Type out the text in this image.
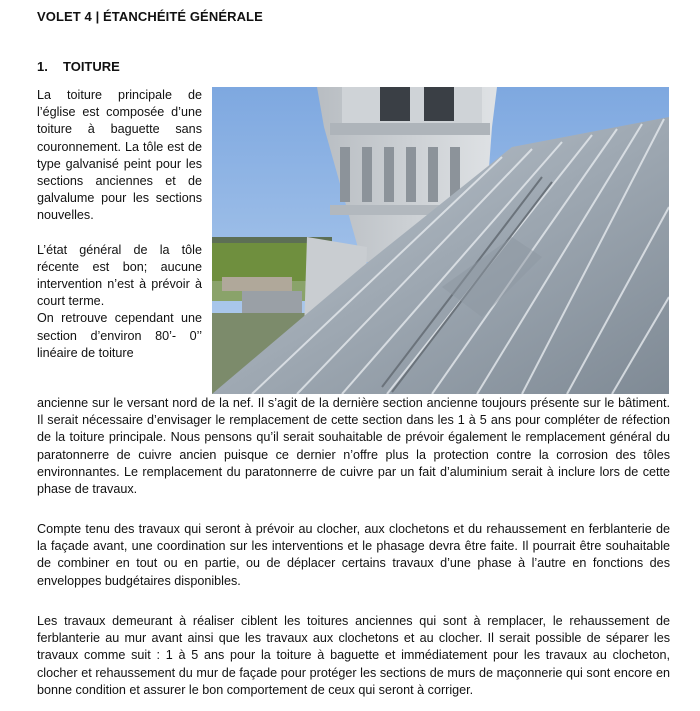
VOLET 4 | ÉTANCHÉITÉ GÉNÉRALE
1. TOITURE

La toiture principale de l’église est composée d’une toiture à baguette sans couronnement. La tôle est de type galvanisé peint pour les sections anciennes et de galvalume pour les sections nouvelles.

L’état général de la tôle récente est bon; aucune intervention n’est à prévoir à court terme.

On retrouve cependant une section d’environ 80’- 0’’ linéaire de toiture

ancienne sur le versant nord de la nef. Il s’agit de la dernière section ancienne toujours présente sur le bâtiment. Il serait nécessaire d’envisager le remplacement de cette section dans les 1 à 5 ans pour compléter de réfection de la toiture principale. Nous pensons qu’il serait souhaitable de prévoir également le remplacement général du paratonnerre de cuivre ancien puisque ce dernier n’offre plus la protection contre la corrosion des tôles environnantes. Le remplacement du paratonnerre de cuivre par un fait d’aluminium serait à inclure lors de cette phase de travaux.

Compte tenu des travaux qui seront à prévoir au clocher, aux clochetons et du rehaussement en ferblanterie de la façade avant, une coordination sur les interventions et le phasage devra être faite. Il pourrait être souhaitable de combiner en tout ou en partie, ou de déplacer certains travaux d’une phase à l’autre en fonctions des enveloppes budgétaires disponibles.

Les travaux demeurant à réaliser ciblent les toitures anciennes qui sont à remplacer, le rehaussement de ferblanterie au mur avant ainsi que les travaux aux clochetons et au clocher. Il serait possible de séparer les travaux comme suit : 1 à 5 ans pour la toiture à baguette et immédiatement pour les travaux au clocheton, clocher et rehaussement du mur de façade pour protéger les sections de murs de maçonnerie qui sont encore en bonne condition et assurer le bon comportement de ceux qui seront à corriger.
